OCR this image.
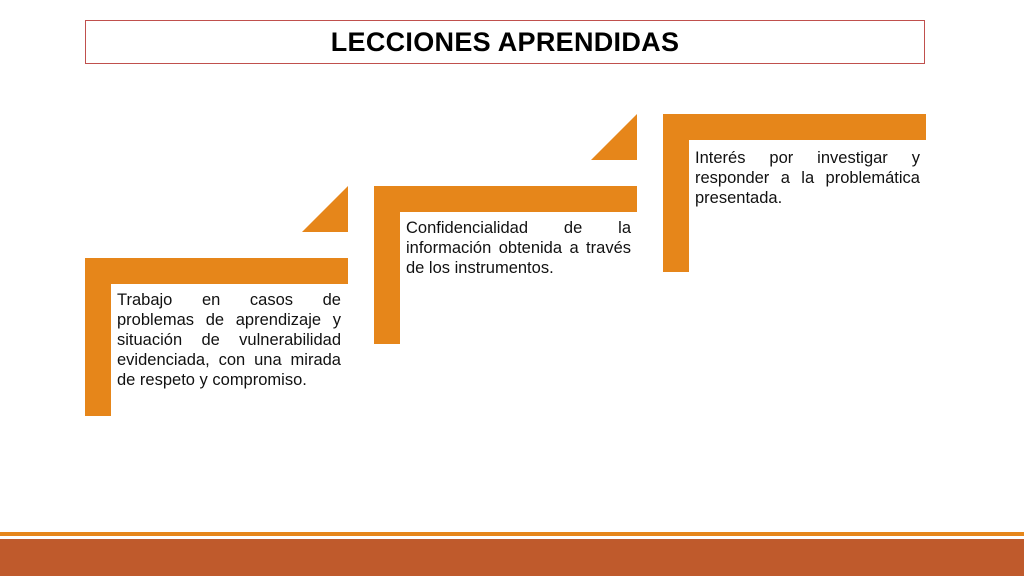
LECCIONES APRENDIDAS
Trabajo en casos de problemas de aprendizaje y situación de vulnerabilidad evidenciada, con una mirada de respeto y compromiso.
Confidencialidad de la información obtenida a través de los instrumentos.
Interés por investigar y responder a la problemática presentada.
